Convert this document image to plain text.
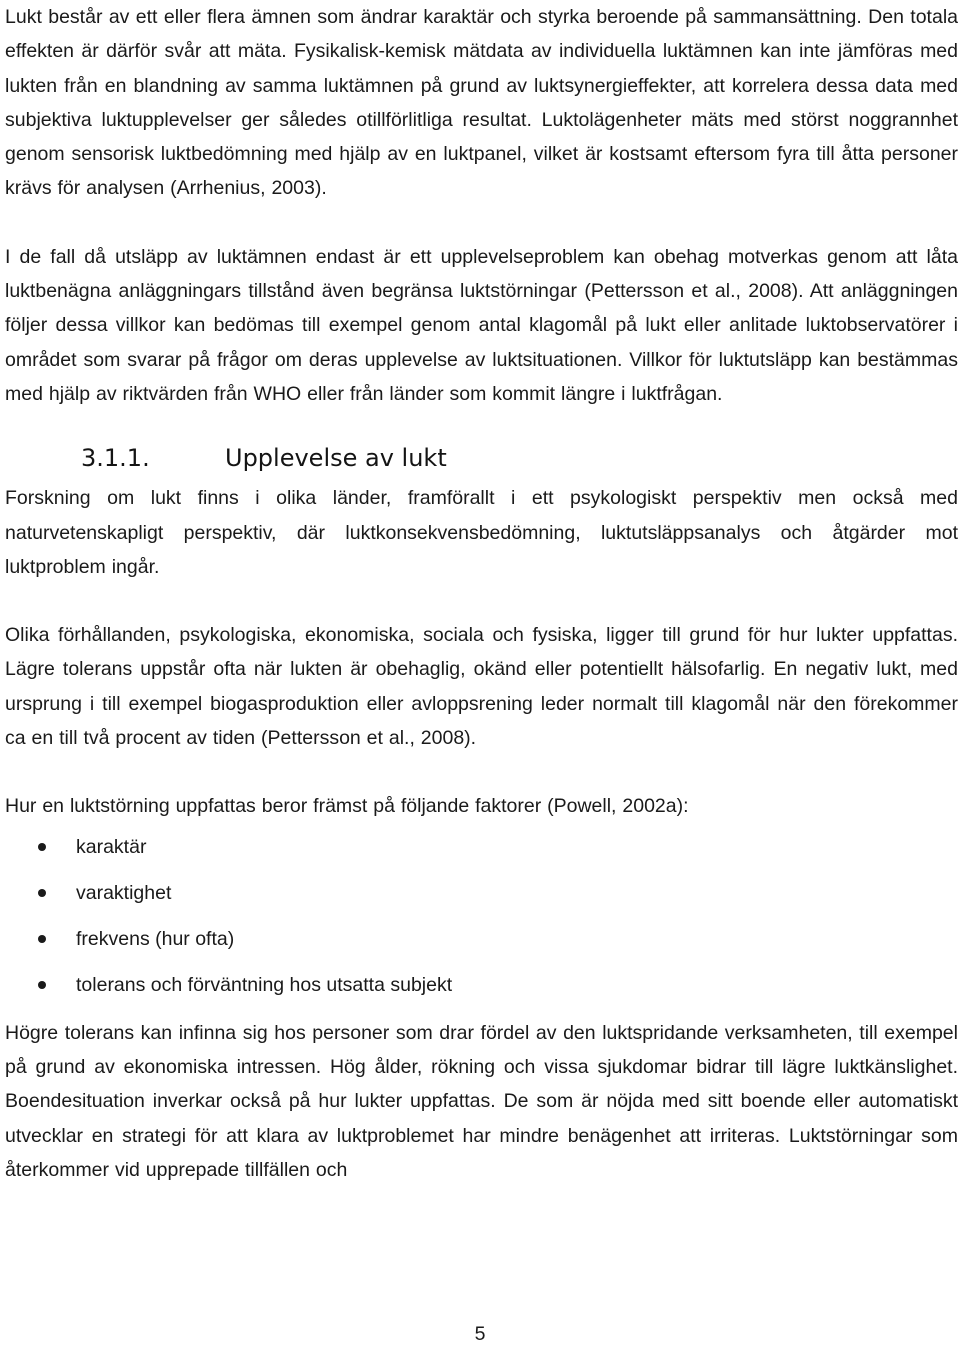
Lukt består av ett eller flera ämnen som ändrar karaktär och styrka beroende på sammansättning. Den totala effekten är därför svår att mäta. Fysikalisk-kemisk mätdata av individuella luktämnen kan inte jämföras med lukten från en blandning av samma luktämnen på grund av luktsynergieffekter, att korrelera dessa data med subjektiva luktupplevelser ger således otillförlitliga resultat. Luktolägenheter mäts med störst noggrannhet genom sensorisk luktbedömning med hjälp av en luktpanel, vilket är kostsamt eftersom fyra till åtta personer krävs för analysen (Arrhenius, 2003).

I de fall då utsläpp av luktämnen endast är ett upplevelseproblem kan obehag motverkas genom att låta luktbenägna anläggningars tillstånd även begränsa luktstörningar (Pettersson et al., 2008). Att anläggningen följer dessa villkor kan bedömas till exempel genom antal klagomål på lukt eller anlitade luktobservatörer i området som svarar på frågor om deras upplevelse av luktsituationen. Villkor för luktutsläpp kan bestämmas med hjälp av riktvärden från WHO eller från länder som kommit längre i luktfrågan.

3.1.1.	Upplevelse av lukt

Forskning om lukt finns i olika länder, framförallt i ett psykologiskt perspektiv men också med naturvetenskapligt perspektiv, där luktkonsekvensbedömning, luktutsläppsanalys och åtgärder mot luktproblem ingår.

Olika förhållanden, psykologiska, ekonomiska, sociala och fysiska, ligger till grund för hur lukter uppfattas. Lägre tolerans uppstår ofta när lukten är obehaglig, okänd eller potentiellt hälsofarlig. En negativ lukt, med ursprung i till exempel biogasproduktion eller avloppsrening leder normalt till klagomål när den förekommer ca en till två procent av tiden (Pettersson et al., 2008).

Hur en luktstörning uppfattas beror främst på följande faktorer (Powell, 2002a):

karaktär
varaktighet
frekvens (hur ofta)
tolerans och förväntning hos utsatta subjekt

Högre tolerans kan infinna sig hos personer som drar fördel av den luktspridande verksamheten, till exempel på grund av ekonomiska intressen. Hög ålder, rökning och vissa sjukdomar bidrar till lägre luktkänslighet. Boendesituation inverkar också på hur lukter uppfattas. De som är nöjda med sitt boende eller automatiskt utvecklar en strategi för att klara av luktproblemet har mindre benägenhet att irriteras. Luktstörningar som återkommer vid upprepade tillfällen och

5
